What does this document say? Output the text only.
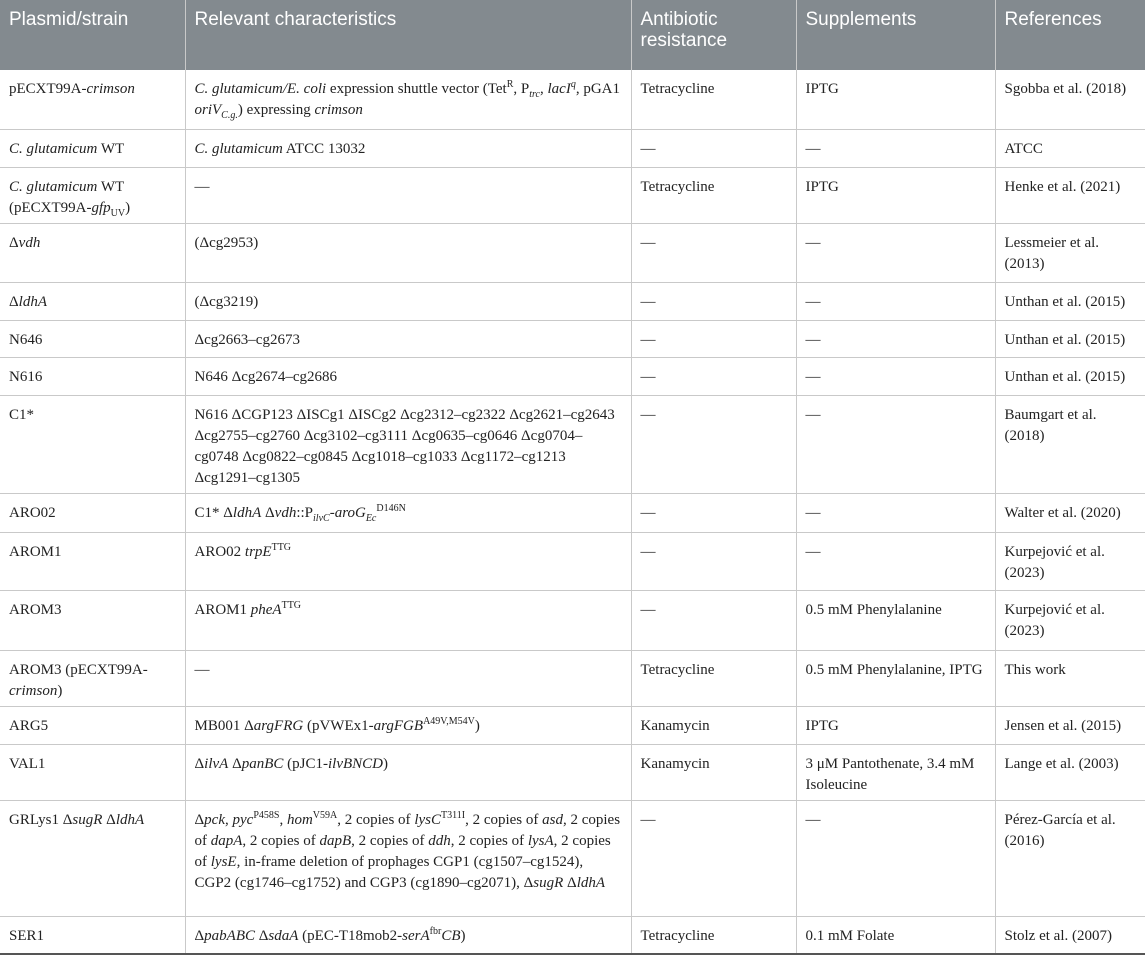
Plasmid/strain	Relevant characteristics	Antibiotic resistance	Supplements	References
pECXT99A-crimson	C. glutamicum/E. coli expression shuttle vector (Tet$^R$, $P_{trc}$, lacI$^q$, pGA1 oriV$_{C.g.}$) expressing crimson	Tetracycline	IPTG	Sgobba et al. (2018)
C. glutamicum WT	C. glutamicum ATCC 13032	—	—	ATCC
C. glutamicum WT (pECXT99A-gfp$_{UV}$)	—	Tetracycline	IPTG	Henke et al. (2021)
Δvdh	(Δcg2953)	—	—	Lessmeier et al. (2013)
ΔldhA	(Δcg3219)	—	—	Unthan et al. (2015)
N646	Δcg2663–cg2673	—	—	Unthan et al. (2015)
N616	N646 Δcg2674–cg2686	—	—	Unthan et al. (2015)
C1*	N616 ΔCGP123 ΔISCg1 ΔISCg2 Δcg2312–cg2322 Δcg2621–cg2643 Δcg2755–cg2760 Δcg3102–cg3111 Δcg0635–cg0646 Δcg0704–cg0748 Δcg0822–cg0845 Δcg1018–cg1033 Δcg1172–cg1213 Δcg1291–cg1305	—	—	Baumgart et al. (2018)
ARO02	C1* ΔldhA $\Delta vdh::P_{ilvC}-aroG_{Ec}^{D146N}$	—	—	Walter et al. (2020)
AROM1	ARO02 trpE$^{TTG}$	—	—	Kurpejović et al. (2023)
AROM3	AROM1 pheA$^{TTG}$	—	0.5 mM Phenylalanine	Kurpejović et al. (2023)
AROM3 (pECXT99A-crimson)	—	Tetracycline	0.5 mM Phenylalanine, IPTG	This work
ARG5	MB001 ΔargFRG (pVWEx1-argFGB$^{A49V,M54V}$)	Kanamycin	IPTG	Jensen et al. (2015)
VAL1	ΔilvA ΔpanBC (pJC1-ilvBNCD)	Kanamycin	3 μM Pantothenate, 3.4 mM Isoleucine	Lange et al. (2003)
GRLys1 ΔsugR ΔldhA	Δpck, pyc$^{P458S}$, hom$^{V59A}$, 2 copies of lysC$^{T311I}$, 2 copies of asd, 2 copies of dapA, 2 copies of dapB, 2 copies of ddh, 2 copies of lysA, 2 copies of lysE, in-frame deletion of prophages CGP1 (cg1507–cg1524), CGP2 (cg1746–cg1752) and CGP3 (cg1890–cg2071), ΔsugR ΔldhA	—	—	Pérez-García et al. (2016)
SER1	ΔpabABC ΔsdaA (pEC-T18mob2-serA$^{fbr}$CB)	Tetracycline	0.1 mM Folate	Stolz et al. (2007)
